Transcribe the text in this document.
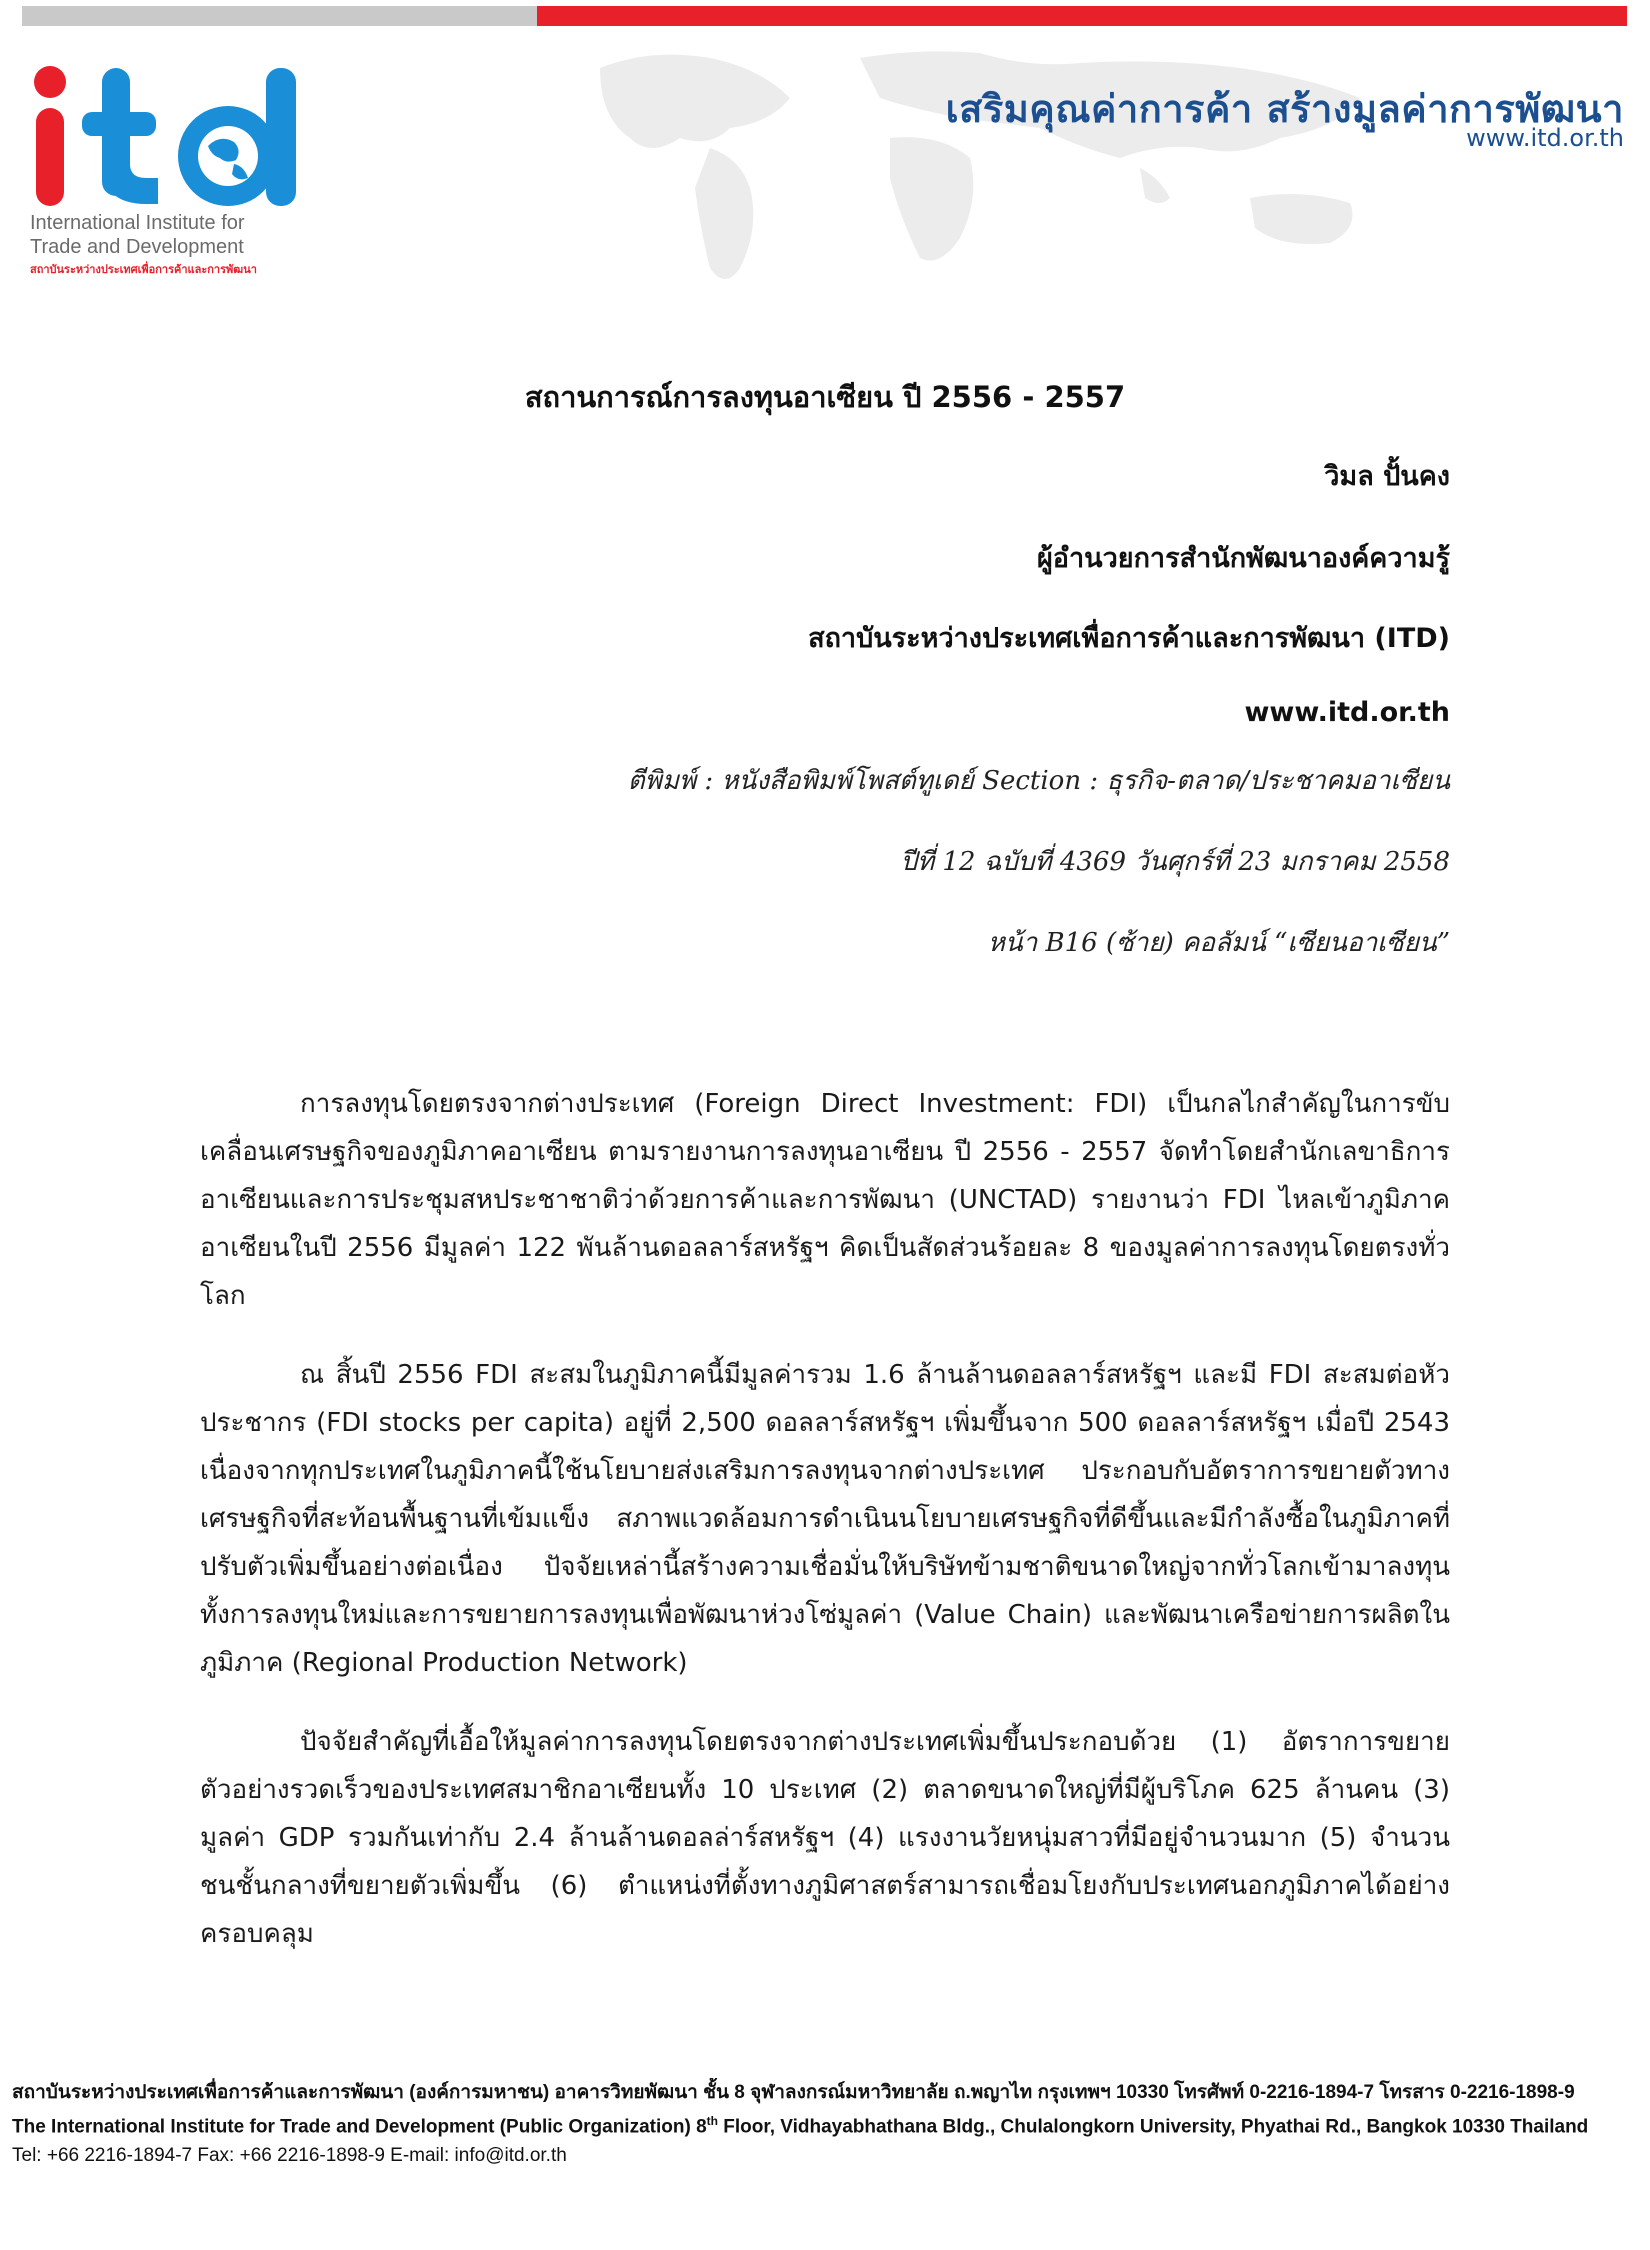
International Institute for
Trade and Development
สถาบันระหว่างประเทศเพื่อการค้าและการพัฒนา
เสริมคุณค่าการค้า สร้างมูลค่าการพัฒนา
www.itd.or.th
สถานการณ์การลงทุนอาเซียน ปี 2556 - 2557
วิมล ปั้นคง
ผู้อำนวยการสำนักพัฒนาองค์ความรู้
สถาบันระหว่างประเทศเพื่อการค้าและการพัฒนา (ITD)
www.itd.or.th
ตีพิมพ์ : หนังสือพิมพ์โพสต์ทูเดย์ Section : ธุรกิจ-ตลาด/ประชาคมอาเซียน
ปีที่ 12 ฉบับที่ 4369 วันศุกร์ที่ 23 มกราคม 2558
หน้า B16 (ซ้าย) คอลัมน์ “เซียนอาเซียน”

การลงทุนโดยตรงจากต่างประเทศ (Foreign Direct Investment: FDI) เป็นกลไกสำคัญในการขับเคลื่อนเศรษฐกิจของภูมิภาคอาเซียน ตามรายงานการลงทุนอาเซียน ปี 2556 - 2557 จัดทำโดยสำนักเลขาธิการอาเซียนและการประชุมสหประชาชาติว่าด้วยการค้าและการพัฒนา (UNCTAD) รายงานว่า FDI ไหลเข้าภูมิภาคอาเซียนในปี 2556 มีมูลค่า 122 พันล้านดอลลาร์สหรัฐฯ คิดเป็นสัดส่วนร้อยละ 8 ของมูลค่าการลงทุนโดยตรงทั่วโลก

ณ สิ้นปี 2556 FDI สะสมในภูมิภาคนี้มีมูลค่ารวม 1.6 ล้านล้านดอลลาร์สหรัฐฯ และมี FDI สะสมต่อหัวประชากร (FDI stocks per capita) อยู่ที่ 2,500 ดอลลาร์สหรัฐฯ เพิ่มขึ้นจาก 500 ดอลลาร์สหรัฐฯ เมื่อปี 2543 เนื่องจากทุกประเทศในภูมิภาคนี้ใช้นโยบายส่งเสริมการลงทุนจากต่างประเทศ ประกอบกับอัตราการขยายตัวทางเศรษฐกิจที่สะท้อนพื้นฐานที่เข้มแข็ง สภาพแวดล้อมการดำเนินนโยบายเศรษฐกิจที่ดีขึ้นและมีกำลังซื้อในภูมิภาคที่ปรับตัวเพิ่มขึ้นอย่างต่อเนื่อง ปัจจัยเหล่านี้สร้างความเชื่อมั่นให้บริษัทข้ามชาติขนาดใหญ่จากทั่วโลกเข้ามาลงทุน ทั้งการลงทุนใหม่และการขยายการลงทุนเพื่อพัฒนาห่วงโซ่มูลค่า (Value Chain) และพัฒนาเครือข่ายการผลิตในภูมิภาค (Regional Production Network)

ปัจจัยสำคัญที่เอื้อให้มูลค่าการลงทุนโดยตรงจากต่างประเทศเพิ่มขึ้นประกอบด้วย (1) อัตราการขยายตัวอย่างรวดเร็วของประเทศสมาชิกอาเซียนทั้ง 10 ประเทศ (2) ตลาดขนาดใหญ่ที่มีผู้บริโภค 625 ล้านคน (3) มูลค่า GDP รวมกันเท่ากับ 2.4 ล้านล้านดอลล่าร์สหรัฐฯ (4) แรงงานวัยหนุ่มสาวที่มีอยู่จำนวนมาก (5) จำนวนชนชั้นกลางที่ขยายตัวเพิ่มขึ้น (6) ตำแหน่งที่ตั้งทางภูมิศาสตร์สามารถเชื่อมโยงกับประเทศนอกภูมิภาคได้อย่างครอบคลุม

สถาบันระหว่างประเทศเพื่อการค้าและการพัฒนา (องค์การมหาชน) อาคารวิทยพัฒนา ชั้น 8 จุฬาลงกรณ์มหาวิทยาลัย ถ.พญาไท กรุงเทพฯ 10330 โทรศัพท์ 0-2216-1894-7 โทรสาร 0-2216-1898-9
The International Institute for Trade and Development (Public Organization) 8th Floor, Vidhayabhathana Bldg., Chulalongkorn University, Phyathai Rd., Bangkok 10330 Thailand
Tel: +66 2216-1894-7 Fax: +66 2216-1898-9 E-mail: info@itd.or.th
